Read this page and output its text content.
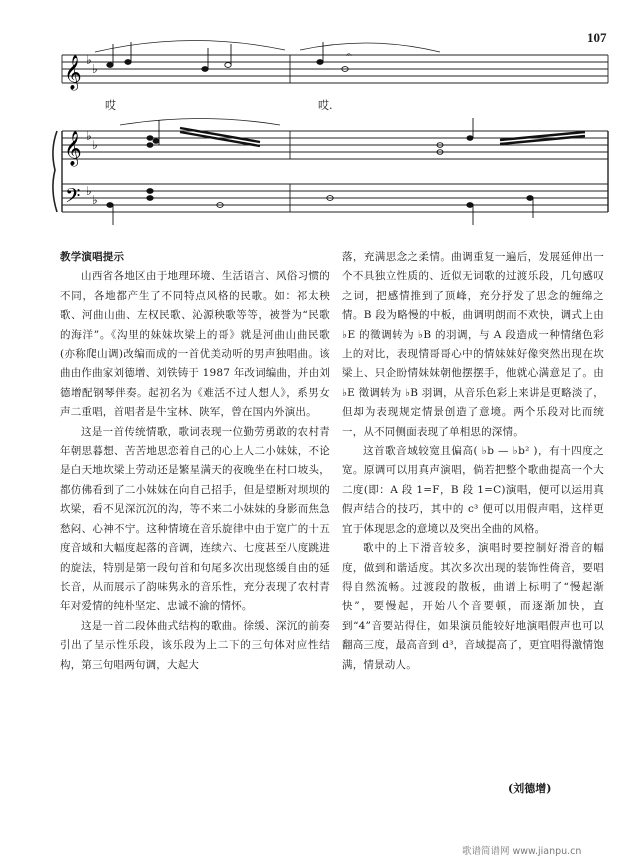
107
𝄞
𝄞
𝄢
♭
♭
♭
♭
♭
♭
𝄐
哎	哎.

教学演唱提示

山西省各地区由于地理环境、生活语言、风俗习惯的不同，各地都产生了不同特点风格的民歌。如：祁太秧歌、河曲山曲、左权民歌、沁源秧歌等等，被誉为“民歌的海洋”。《沟里的妹妹坎梁上的哥》就是河曲山曲民歌(亦称爬山调)改编而成的一首优美动听的男声独唱曲。该曲由作曲家刘德增、刘铁铸于 1987 年改词编曲，并由刘德增配钢琴伴奏。起初名为《难活不过人想人》，系男女声二重唱，首唱者是牛宝林、陕军，曾在国内外演出。

这是一首传统情歌，歌词表现一位勤劳勇敢的农村青年朝思暮想、苦苦地思恋着自己的心上人二小妹妹，不论是白天地坎梁上劳动还是繁星满天的夜晚坐在村口坡头，都仿佛看到了二小妹妹在向自己招手，但是望断对坝坝的坎梁，看不见深沉沉的沟，等不来二小妹妹的身影而焦急愁闷、心神不宁。这种情境在音乐旋律中由于宽广的十五度音域和大幅度起落的音调，连续六、七度甚至八度跳进的旋法，特别是第一段句首和句尾多次出现悠缓自由的延长音，从而展示了韵味隽永的音乐性，充分表现了农村青年对爱情的纯朴坚定、忠诚不渝的情怀。

这是一首二段体曲式结构的歌曲。徐缓、深沉的前奏引出了呈示性乐段，该乐段为上二下的三句体对应性结构，第三句唱两句调，大起大

落，充满思念之柔情。曲调重复一遍后，发展延伸出一个不具独立性质的、近似无词歌的过渡乐段，几句感叹之词，把感情推到了顶峰，充分抒发了思念的缠绵之情。B 段为略慢的中板，曲调明朗而不欢快，调式上由 ♭E 的徵调转为 ♭B 的羽调，与 A 段造成一种情绪色彩上的对比，表现情哥哥心中的情妹妹好像突然出现在坎梁上、只企盼情妹妹朝他摆摆手，他就心满意足了。由 ♭E 徵调转为 ♭B 羽调，从音乐色彩上来讲是更略淡了，但却为表现规定情景创造了意境。两个乐段对比而统一，从不同侧面表现了单相思的深情。

这首歌音域较宽且偏高( ♭b — ♭b² )，有十四度之宽。原调可以用真声演唱，倘若把整个歌曲提高一个大二度(即：A 段 1=F，B 段 1=C)演唱，便可以运用真假声结合的技巧，其中的 c³ 便可以用假声唱，这样更宜于体现思念的意境以及突出全曲的风格。

歌中的上下滑音较多，演唱时要控制好滑音的幅度，做到和谐适度。其次多次出现的装饰性倚音，要唱得自然流畅。过渡段的散板，曲谱上标明了“慢起渐快”，要慢起，开始八个音要顿，而逐渐加快，直到“4”音要站得住，如果演员能较好地演唱假声也可以翻高三度，最高音到 d³，音域提高了，更宜唱得激情饱满，情景动人。

(刘德增)
歌谱简谱网 www.jianpu.cn
